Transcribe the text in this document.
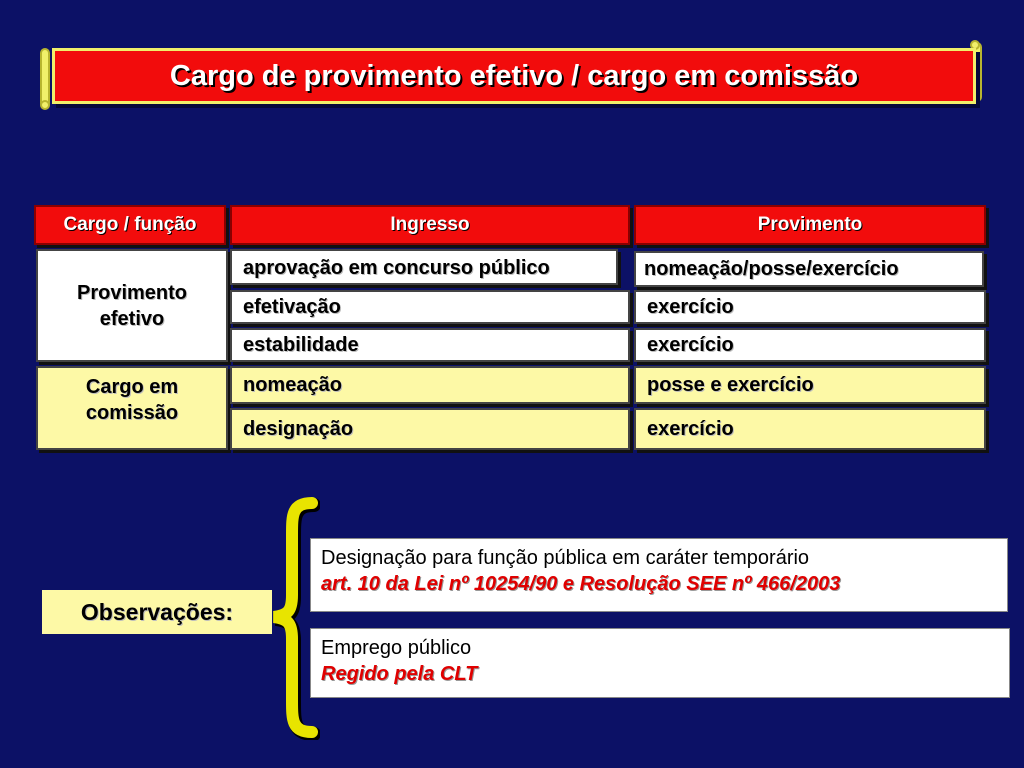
Cargo de provimento efetivo / cargo em comissão
Cargo / função	Ingresso	Provimento
Provimento
efetivo
aprovação em concurso público	nomeação/posse/exercício
efetivação	exercício
estabilidade	exercício
Cargo em
comissão
nomeação	posse e exercício
designação	exercício
Observações:
Designação para função pública em caráter temporário
art. 10 da Lei nº 10254/90 e Resolução SEE nº 466/2003
Emprego público
Regido pela CLT
